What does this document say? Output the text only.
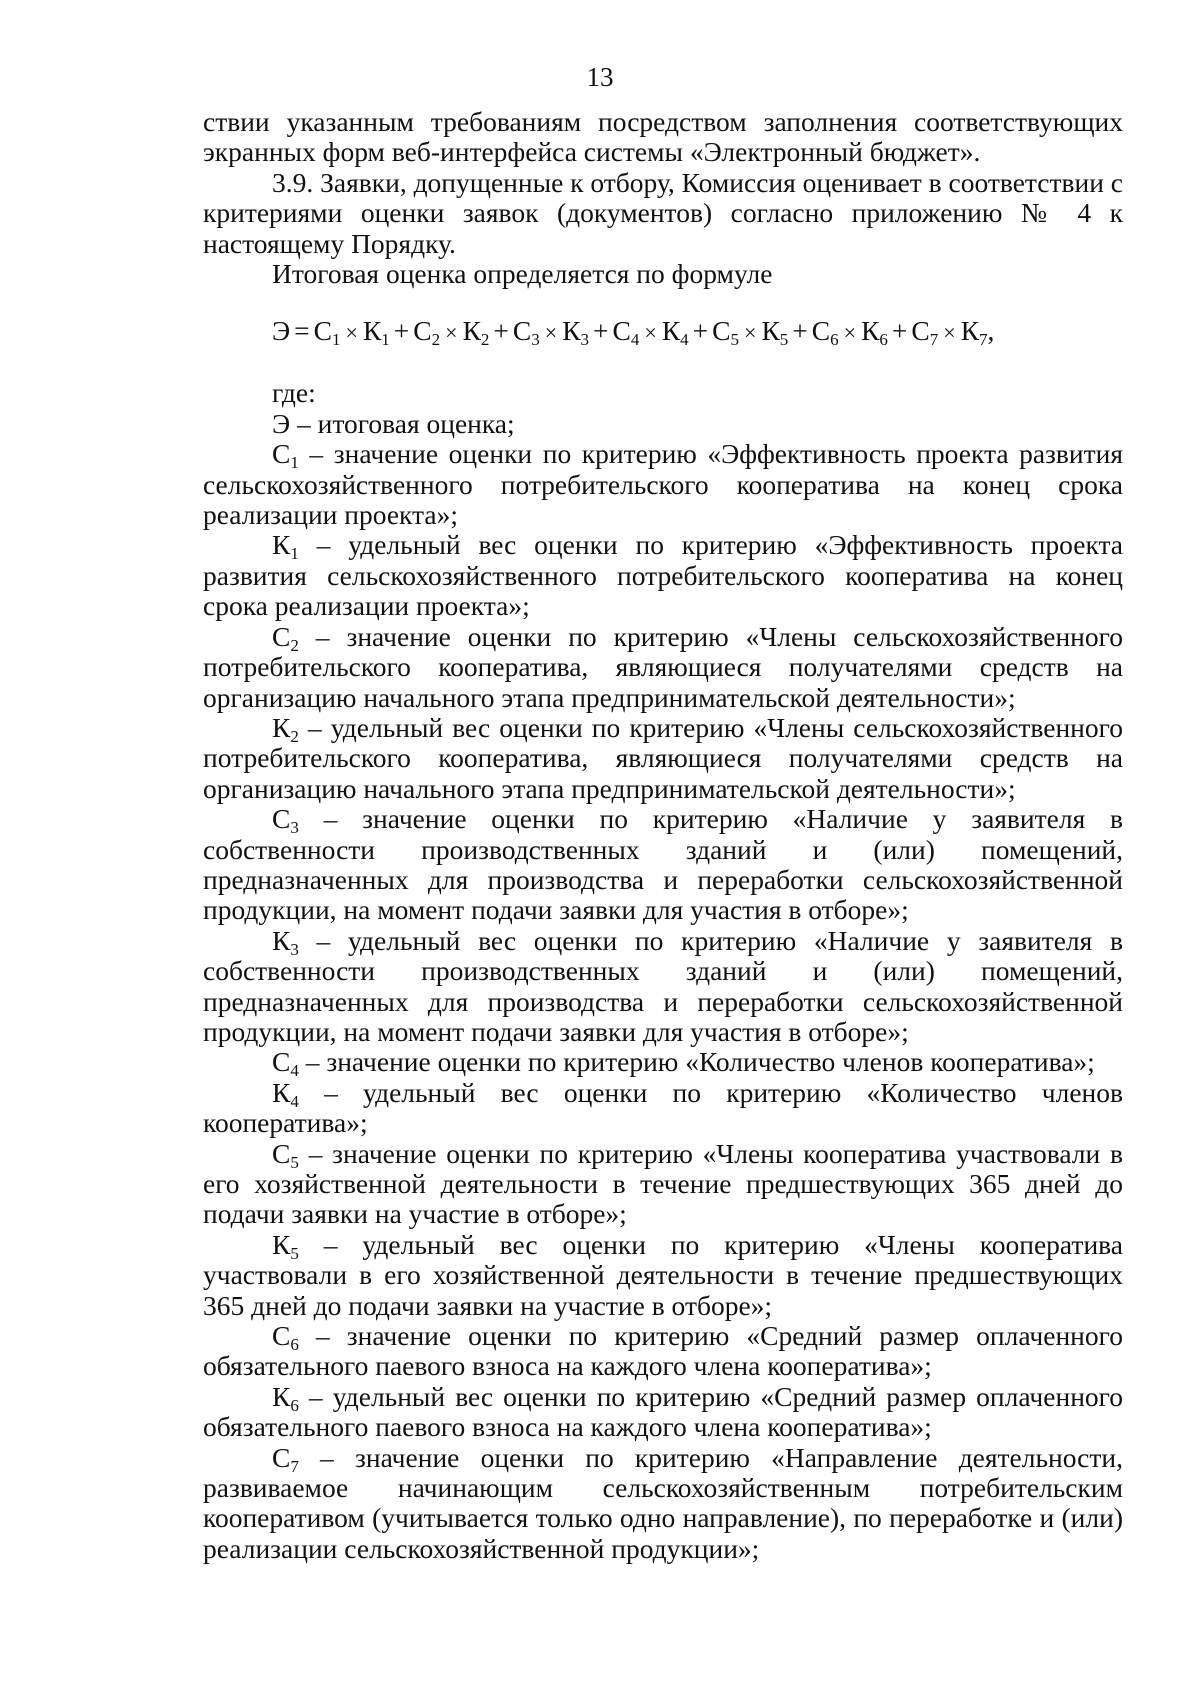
13

ствии указанным требованиям посредством заполнения соответствующих экранных форм веб-интерфейса системы «Электронный бюджет».

3.9. Заявки, допущенные к отбору, Комиссия оценивает в соответствии с критериями оценки заявок (документов) согласно приложению № 4 к настоящему Порядку.

Итоговая оценка определяется по формуле

$Э = С_1 \times К_1 + С_2 \times К_2 + С_3 \times К_3 + С_4 \times К_4 + С_5 \times К_5 + С_6 \times К_6 + С_7 \times К_7$,

где:

Э – итоговая оценка;

$С_1$ – значение оценки по критерию «Эффективность проекта развития сельскохозяйственного потребительского кооператива на конец срока реализации проекта»;

$К_1$ – удельный вес оценки по критерию «Эффективность проекта развития сельскохозяйственного потребительского кооператива на конец срока реализации проекта»;

$С_2$ – значение оценки по критерию «Члены сельскохозяйственного потребительского кооператива, являющиеся получателями средств на организацию начального этапа предпринимательской деятельности»;

$К_2$ – удельный вес оценки по критерию «Члены сельскохозяйственного потребительского кооператива, являющиеся получателями средств на организацию начального этапа предпринимательской деятельности»;

$С_3$ – значение оценки по критерию «Наличие у заявителя в собственности производственных зданий и (или) помещений, предназначенных для производства и переработки сельскохозяйственной продукции, на момент подачи заявки для участия в отборе»;

$К_3$ – удельный вес оценки по критерию «Наличие у заявителя в собственности производственных зданий и (или) помещений, предназначенных для производства и переработки сельскохозяйственной продукции, на момент подачи заявки для участия в отборе»;

$С_4$ – значение оценки по критерию «Количество членов кооператива»;

$К_4$ – удельный вес оценки по критерию «Количество членов кооператива»;

$С_5$ – значение оценки по критерию «Члены кооператива участвовали в его хозяйственной деятельности в течение предшествующих 365 дней до подачи заявки на участие в отборе»;

$К_5$ – удельный вес оценки по критерию «Члены кооператива участвовали в его хозяйственной деятельности в течение предшествующих 365 дней до подачи заявки на участие в отборе»;

$С_6$ – значение оценки по критерию «Средний размер оплаченного обязательного паевого взноса на каждого члена кооператива»;

$К_6$ – удельный вес оценки по критерию «Средний размер оплаченного обязательного паевого взноса на каждого члена кооператива»;

$С_7$ – значение оценки по критерию «Направление деятельности, развиваемое начинающим сельскохозяйственным потребительским кооперативом (учитывается только одно направление), по переработке и (или) реализации сельскохозяйственной продукции»;
